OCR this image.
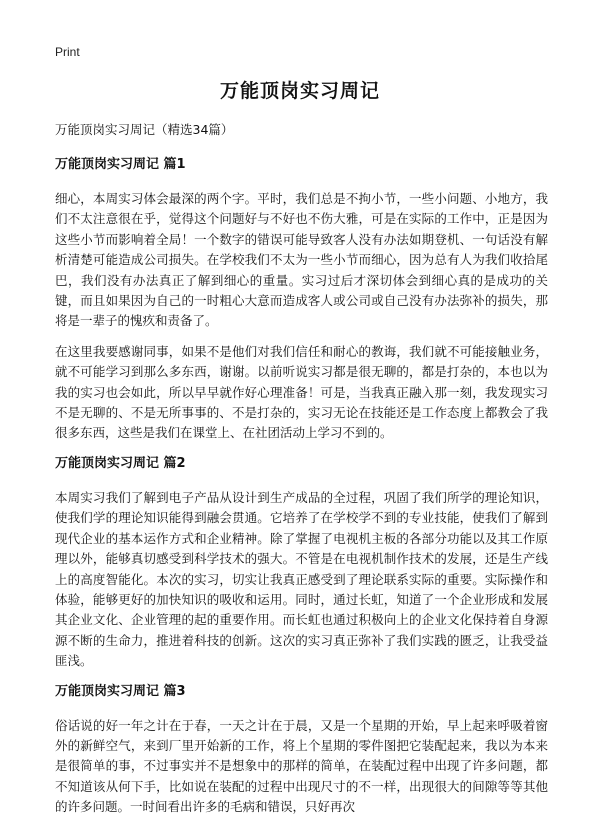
Print
万能顶岗实习周记
万能顶岗实习周记（精选34篇）
万能顶岗实习周记 篇1

细心，本周实习体会最深的两个字。平时，我们总是不拘小节，一些小问题、小地方，我们不太注意很在乎，觉得这个问题好与不好也不伤大雅，可是在实际的工作中，正是因为这些小节而影响着全局！一个数字的错误可能导致客人没有办法如期登机、一句话没有解析清楚可能造成公司损失。在学校我们不太为一些小节而细心，因为总有人为我们收拾尾巴，我们没有办法真正了解到细心的重量。实习过后才深切体会到细心真的是成功的关键，而且如果因为自己的一时粗心大意而造成客人或公司或自己没有办法弥补的损失，那将是一辈子的愧疚和责备了。

在这里我要感谢同事，如果不是他们对我们信任和耐心的教诲，我们就不可能接触业务，就不可能学习到那么多东西，谢谢。以前听说实习都是很无聊的，都是打杂的，本也以为我的实习也会如此，所以早早就作好心理准备！可是，当我真正融入那一刻，我发现实习不是无聊的、不是无所事事的、不是打杂的，实习无论在技能还是工作态度上都教会了我很多东西，这些是我们在课堂上、在社团活动上学习不到的。

万能顶岗实习周记 篇2

本周实习我们了解到电子产品从设计到生产成品的全过程，巩固了我们所学的理论知识，使我们学的理论知识能得到融会贯通。它培养了在学校学不到的专业技能，使我们了解到现代企业的基本运作方式和企业精神。除了掌握了电视机主板的各部分功能以及其工作原理以外，能够真切感受到科学技术的强大。不管是在电视机制作技术的发展，还是生产线上的高度智能化。本次的实习，切实让我真正感受到了理论联系实际的重要。实际操作和体验，能够更好的加快知识的吸收和运用。同时，通过长虹，知道了一个企业形成和发展其企业文化、企业管理的起的重要作用。而长虹也通过积极向上的企业文化保持着自身源源不断的生命力，推进着科技的创新。这次的实习真正弥补了我们实践的匮乏，让我受益匪浅。

万能顶岗实习周记 篇3

俗话说的好一年之计在于春，一天之计在于晨，又是一个星期的开始，早上起来呼吸着窗外的新鲜空气，来到厂里开始新的工作，将上个星期的零件图把它装配起来，我以为本来是很简单的事，不过事实并不是想象中的那样的简单，在装配过程中出现了许多问题，都不知道该从何下手，比如说在装配的过程中出现尺寸的不一样，出现很大的间隙等等其他的许多问题。一时间看出许多的毛病和错误，只好再次
